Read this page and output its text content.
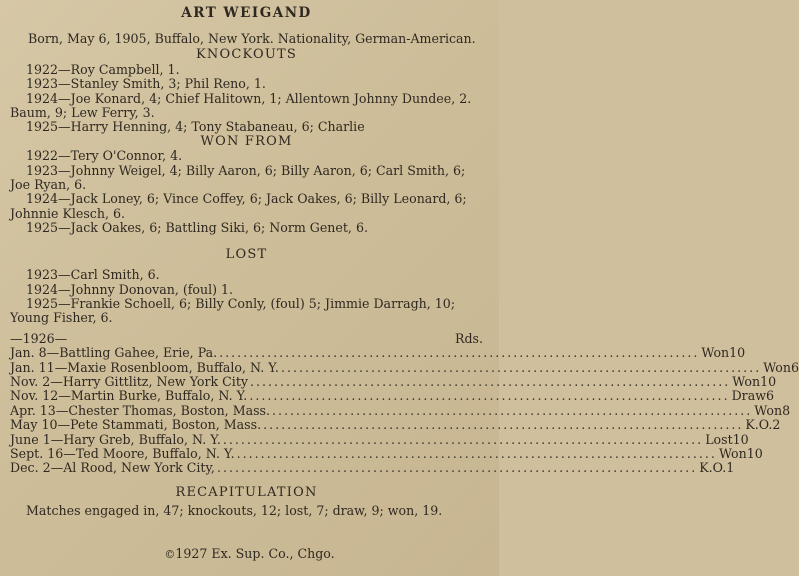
ART WEIGAND

Born, May 6, 1905, Buffalo, New York. Nationality, German-American.

KNOCKOUTS

1922—Roy Campbell, 1.

1923—Stanley Smith, 3; Phil Reno, 1.

1924—Joe Konard, 4; Chief Halitown, 1; Allentown Johnny Dundee, 2.

Baum, 9; Lew Ferry, 3.

1925—Harry Henning, 4; Tony Stabaneau, 6; Charlie

WON FROM

1922—Tery O'Connor, 4.

1923—Johnny Weigel, 4; Billy Aaron, 6; Billy Aaron, 6; Carl Smith, 6; Joe Ryan, 6.

1924—Jack Loney, 6; Vince Coffey, 6; Jack Oakes, 6; Billy Leonard, 6; Johnnie Klesch, 6.

1925—Jack Oakes, 6; Battling Siki, 6; Norm Genet, 6.

LOST

1923—Carl Smith, 6.

1924—Johnny Donovan, (foul) 1.

1925—Frankie Schoell, 6; Billy Conly, (foul) 5; Jimmie Darragh, 10; Young Fisher, 6.

—1926—	Rds.
Jan. 8—Battling Gahee, Erie, Pa. ................................................................................ Won 10
Jan. 11—Maxie Rosenbloom, Buffalo, N. Y. ................................................................................ Won 6
Nov. 2—Harry Gittlitz, New York City ................................................................................ Won 10
Nov. 12—Martin Burke, Buffalo, N. Y. ................................................................................ Draw 6
Apr. 13—Chester Thomas, Boston, Mass. ................................................................................ Won 8
May 10—Pete Stammati, Boston, Mass. ................................................................................ K.O. 2
June 1—Hary Greb, Buffalo, N. Y. ................................................................................ Lost 10
Sept. 16—Ted Moore, Buffalo, N. Y. ................................................................................ Won 10
Dec. 2—Al Rood, New York City, ................................................................................ K.O. 1
RECAPITULATION

Matches engaged in, 47; knockouts, 12; lost, 7; draw, 9; won, 19.

©1927 Ex. Sup. Co., Chgo.
